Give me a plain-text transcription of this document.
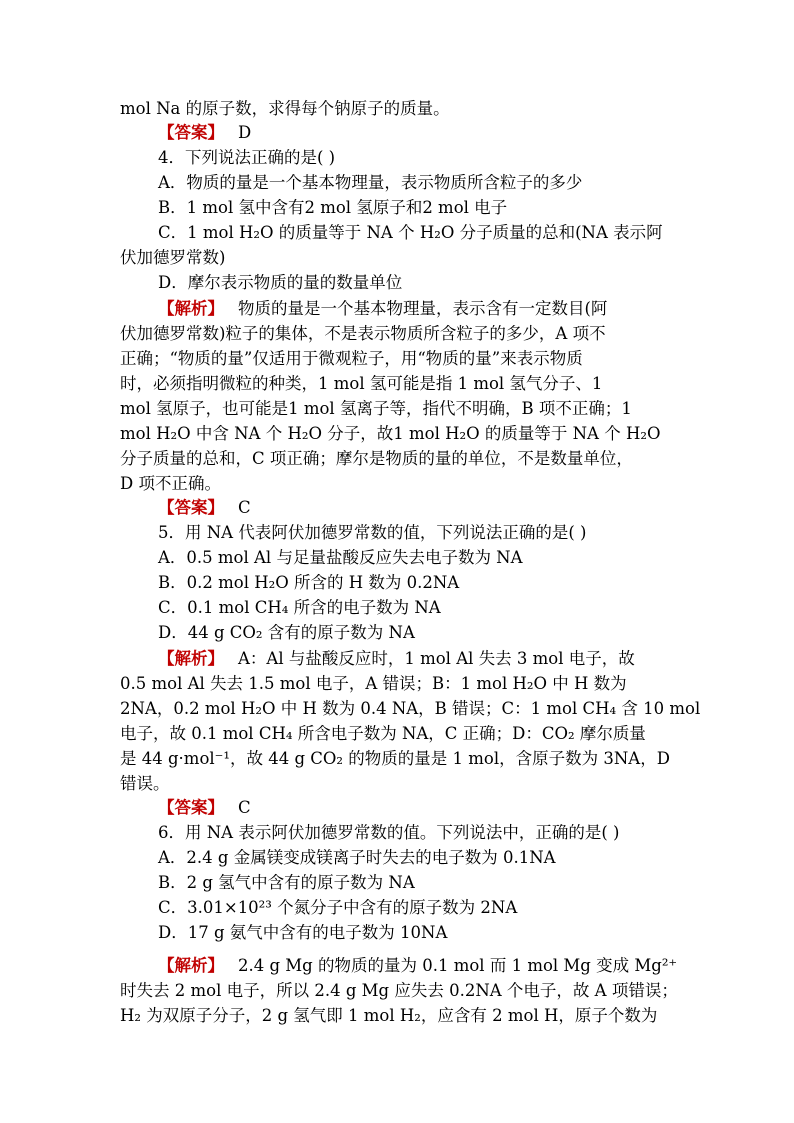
mol Na 的原子数，求得每个钠原子的质量。
【答案】 D
4．下列说法正确的是( )
A．物质的量是一个基本物理量，表示物质所含粒子的多少
B．1 mol 氢中含有2 mol 氢原子和2 mol 电子
C．1 mol H₂O 的质量等于 NA 个 H₂O 分子质量的总和(NA 表示阿
伏加德罗常数)
D．摩尔表示物质的量的数量单位
【解析】 物质的量是一个基本物理量，表示含有一定数目(阿
伏加德罗常数)粒子的集体，不是表示物质所含粒子的多少，A 项不
正确；“物质的量”仅适用于微观粒子，用“物质的量”来表示物质
时，必须指明微粒的种类，1 mol 氢可能是指 1 mol 氢气分子、1
mol 氢原子，也可能是1 mol 氢离子等，指代不明确，B 项不正确；1
mol H₂O 中含 NA 个 H₂O 分子，故1 mol H₂O 的质量等于 NA 个 H₂O
分子质量的总和，C 项正确；摩尔是物质的量的单位，不是数量单位，
D 项不正确。
【答案】 C
5．用 NA 代表阿伏加德罗常数的值，下列说法正确的是( )
A．0.5 mol Al 与足量盐酸反应失去电子数为 NA
B．0.2 mol H₂O 所含的 H 数为 0.2NA
C．0.1 mol CH₄ 所含的电子数为 NA
D．44 g CO₂ 含有的原子数为 NA
【解析】 A：Al 与盐酸反应时，1 mol Al 失去 3 mol 电子，故
0.5 mol Al 失去 1.5 mol 电子，A 错误；B：1 mol H₂O 中 H 数为
2NA，0.2 mol H₂O 中 H 数为 0.4 NA，B 错误；C：1 mol CH₄ 含 10 mol
电子，故 0.1 mol CH₄ 所含电子数为 NA，C 正确；D：CO₂ 摩尔质量
是 44 g·mol⁻¹，故 44 g CO₂ 的物质的量是 1 mol，含原子数为 3NA，D
错误。
【答案】 C
6．用 NA 表示阿伏加德罗常数的值。下列说法中，正确的是( )
A．2.4 g 金属镁变成镁离子时失去的电子数为 0.1NA
B．2 g 氢气中含有的原子数为 NA
C．3.01×10²³ 个氮分子中含有的原子数为 2NA
D．17 g 氨气中含有的电子数为 10NA
【解析】 2.4 g Mg 的物质的量为 0.1 mol 而 1 mol Mg 变成 Mg²⁺
时失去 2 mol 电子，所以 2.4 g Mg 应失去 0.2NA 个电子，故 A 项错误；
H₂ 为双原子分子，2 g 氢气即 1 mol H₂，应含有 2 mol H，原子个数为
